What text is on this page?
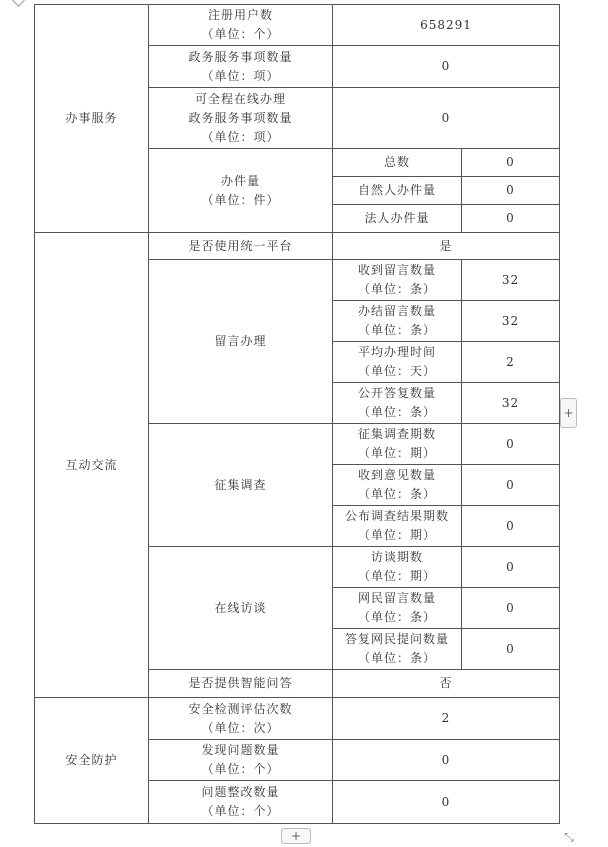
办事服务	注册用户数
（单位：个）	658291	

	政务服务事项数量
（单位：项）	0	

	可全程在线办理
政务服务事项数量
（单位：项）	0	

	办件量
（单位：件）	总数	0
		自然人办件量	0
		法人办件量	0
互动交流	是否使用统一平台	是	
	留言办理	收到留言数量
（单位：条）	32

		办结留言数量
（单位：条）	32

		平均办理时间
（单位：天）	2

		公开答复数量
（单位：条）	32
	征集调查	征集调查期数
（单位：期）	0

		收到意见数量
（单位：条）	0

		公布调查结果期数
（单位：期）	0
	在线访谈	访谈期数
（单位：期）	0

		网民留言数量
（单位：条）	0

		答复网民提问数量
（单位：条）	0
	是否提供智能问答	否	
安全防护	安全检测评估次数
（单位：次）	2	

	发现问题数量
（单位：个）	0	

	问题整改数量
（单位：个）	0	
+
+	⤡
